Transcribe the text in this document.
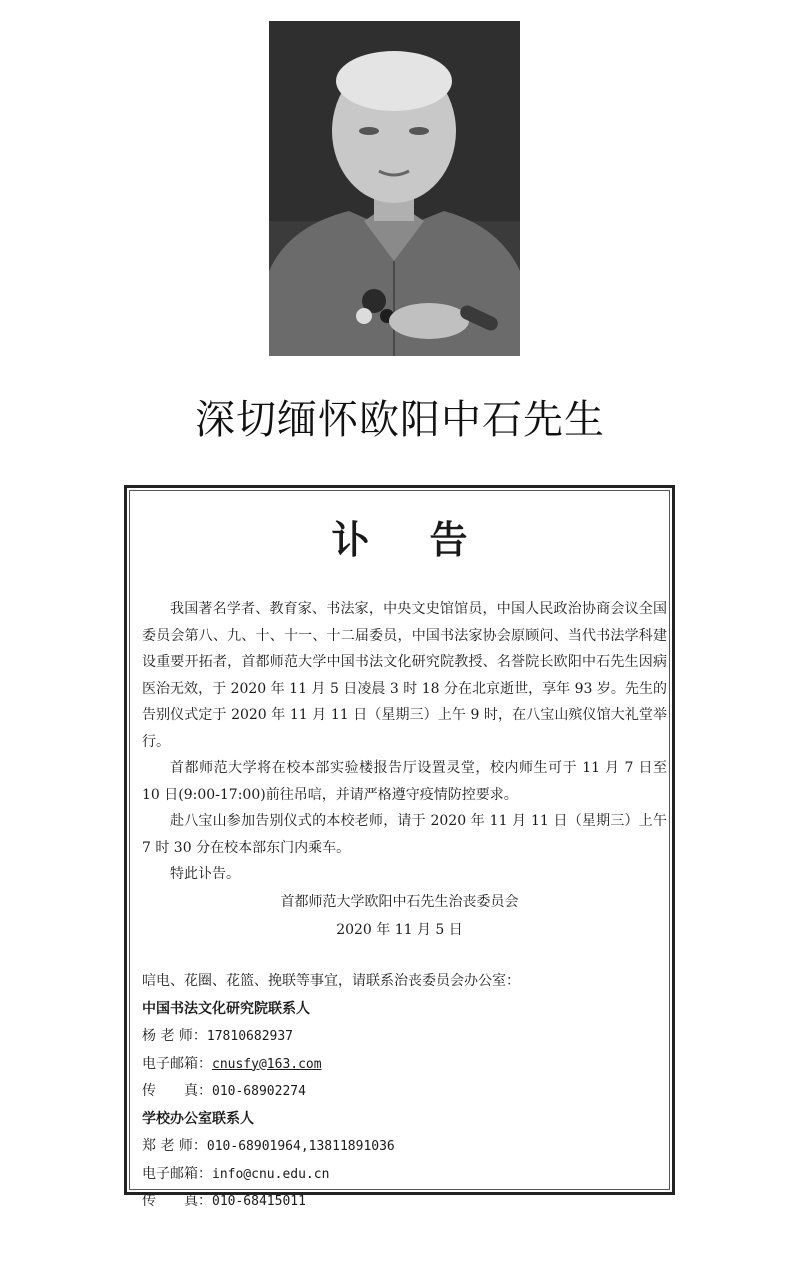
深切缅怀欧阳中石先生
讣告

我国著名学者、教育家、书法家，中央文史馆馆员，中国人民政治协商会议全国委员会第八、九、十、十一、十二届委员，中国书法家协会原顾问、当代书法学科建设重要开拓者，首都师范大学中国书法文化研究院教授、名誉院长欧阳中石先生因病医治无效，于 2020 年 11 月 5 日凌晨 3 时 18 分在北京逝世，享年 93 岁。先生的告别仪式定于 2020 年 11 月 11 日（星期三）上午 9 时，在八宝山殡仪馆大礼堂举行。

首都师范大学将在校本部实验楼报告厅设置灵堂，校内师生可于 11 月 7 日至 10 日(9:00-17:00)前往吊唁，并请严格遵守疫情防控要求。

赴八宝山参加告别仪式的本校老师，请于 2020 年 11 月 11 日（星期三）上午 7 时 30 分在校本部东门内乘车。

特此讣告。

首都师范大学欧阳中石先生治丧委员会
2020 年 11 月 5 日
唁电、花圈、花篮、挽联等事宜，请联系治丧委员会办公室：
中国书法文化研究院联系人
杨 老 师：17810682937
电子邮箱：cnusfy@163.com
传　　真：010-68902274
学校办公室联系人
郑 老 师：010-68901964,13811891036
电子邮箱：info@cnu.edu.cn
传　　真：010-68415011
